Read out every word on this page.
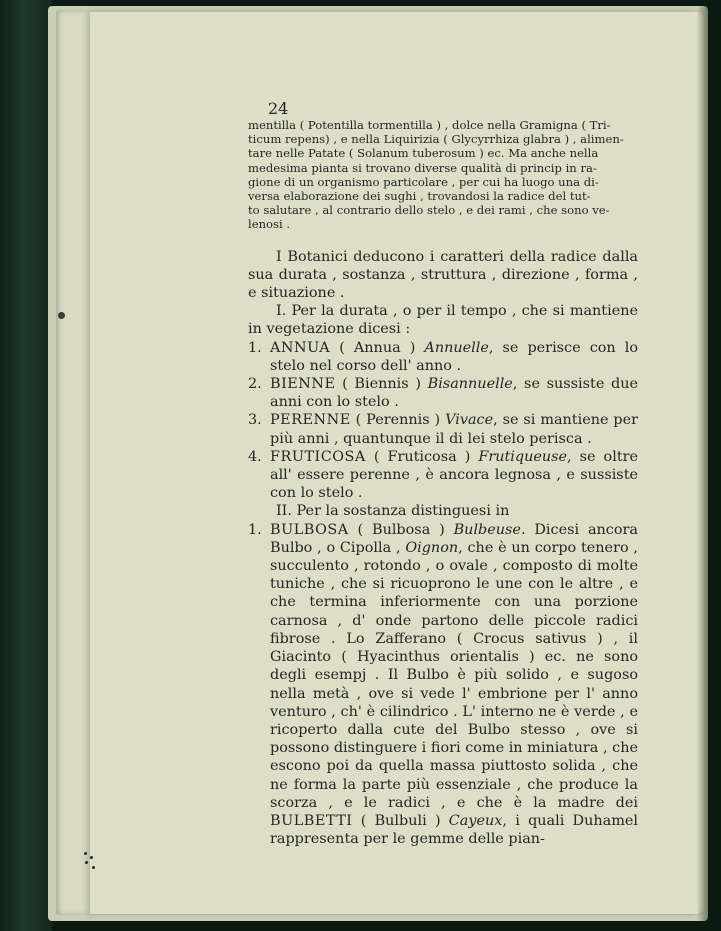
24
mentilla ( Potentilla tormentilla ) , dolce nella Gramigna ( Tri-
ticum repens) , e nella Liquirizia ( Glycyrrhiza glabra ) , alimen-
tare nelle Patate ( Solanum tuberosum ) ec. Ma anche nella
medesima pianta si trovano diverse qualità di princip in ra-
gione di un organismo particolare , per cui ha luogo una di-
versa elaborazione dei sughi , trovandosi la radice del tut-
to salutare , al contrario dello stelo , e dei rami , che sono ve-
lenosi .

I Botanici deducono i caratteri della radice dalla sua durata , sostanza , struttura , direzione , forma , e situazione .

I. Per la durata , o per il tempo , che si mantiene in vegetazione dicesi :

1. ANNUA ( Annua ) Annuelle, se perisce con lo stelo nel corso dell' anno .

2. BIENNE ( Biennis ) Bisannuelle, se sussiste due anni con lo stelo .

3. PERENNE ( Perennis ) Vivace, se si mantiene per più anni , quantunque il di lei stelo perisca .

4. FRUTICOSA ( Fruticosa ) Frutiqueuse, se oltre all' essere perenne , è ancora legnosa , e sussiste con lo stelo .

II. Per la sostanza distinguesi in

1. BULBOSA ( Bulbosa ) Bulbeuse. Dicesi ancora Bulbo , o Cipolla , Oignon, che è un corpo tenero , succulento , rotondo , o ovale , composto di molte tuniche , che si ricuoprono le une con le altre , e che termina inferiormente con una porzione carnosa , d' onde partono delle piccole radici fibrose . Lo Zafferano ( Crocus sativus ) , il Giacinto ( Hyacinthus orientalis ) ec. ne sono degli esempj . Il Bulbo è più solido , e sugoso nella metà , ove si vede l' embrione per l' anno venturo , ch' è cilindrico . L' interno ne è verde , e ricoperto dalla cute del Bulbo stesso , ove si possono distinguere i fiori come in miniatura , che escono poi da quella massa piuttosto solida , che ne forma la parte più essenziale , che produce la scorza , e le radici , e che è la madre dei BULBETTI ( Bulbuli ) Cayeux, i quali Duhamel rappresenta per le gemme delle pian-
